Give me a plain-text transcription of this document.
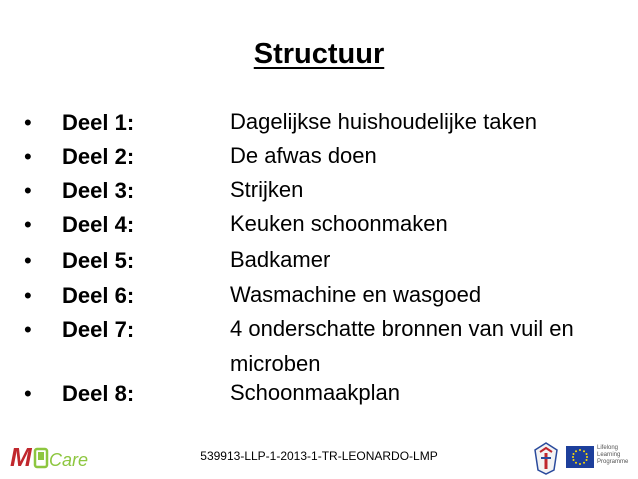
Structuur
• Deel 1:	Dagelijkse huishoudelijke taken
• Deel 2:	De afwas doen
• Deel 3:	Strijken
• Deel 4:	Keuken schoonmaken
• Deel 5:	Badkamer
• Deel 6:	Wasmachine en wasgoed
• Deel 7:	4 onderschatte bronnen van vuil en microben
• Deel 8:	Schoonmaakplan
M Care	539913-LLP-1-2013-1-TR-LEONARDO-LMP
Lifelong
Learning
Programme
